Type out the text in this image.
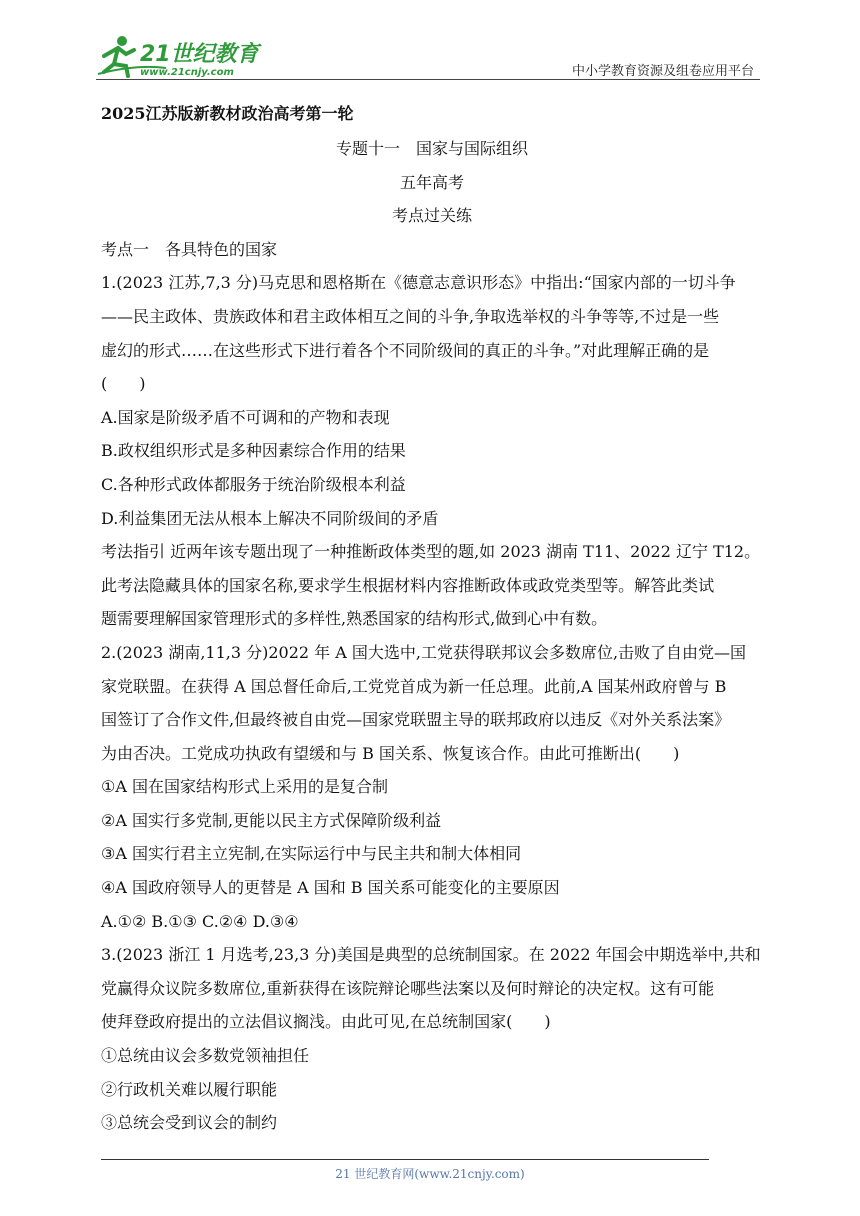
21世纪教育
www.21cnjy.com	中小学教育资源及组卷应用平台
2025江苏版新教材政治高考第一轮
专题十一　国家与国际组织
五年高考
考点过关练
考点一　各具特色的国家
1.(2023 江苏,7,3 分)马克思和恩格斯在《德意志意识形态》中指出:“国家内部的一切斗争
——民主政体、贵族政体和君主政体相互之间的斗争,争取选举权的斗争等等,不过是一些
虚幻的形式……在这些形式下进行着各个不同阶级间的真正的斗争。”对此理解正确的是
(　　)
A.国家是阶级矛盾不可调和的产物和表现
B.政权组织形式是多种因素综合作用的结果
C.各种形式政体都服务于统治阶级根本利益
D.利益集团无法从根本上解决不同阶级间的矛盾
考法指引 近两年该专题出现了一种推断政体类型的题,如 2023 湖南 T11、2022 辽宁 T12。
此考法隐藏具体的国家名称,要求学生根据材料内容推断政体或政党类型等。解答此类试
题需要理解国家管理形式的多样性,熟悉国家的结构形式,做到心中有数。
2.(2023 湖南,11,3 分)2022 年 A 国大选中,工党获得联邦议会多数席位,击败了自由党—国
家党联盟。在获得 A 国总督任命后,工党党首成为新一任总理。此前,A 国某州政府曾与 B
国签订了合作文件,但最终被自由党—国家党联盟主导的联邦政府以违反《对外关系法案》
为由否决。工党成功执政有望缓和与 B 国关系、恢复该合作。由此可推断出(　　)
①A 国在国家结构形式上采用的是复合制
②A 国实行多党制,更能以民主方式保障阶级利益
③A 国实行君主立宪制,在实际运行中与民主共和制大体相同
④A 国政府领导人的更替是 A 国和 B 国关系可能变化的主要原因
A.①② B.①③ C.②④ D.③④
3.(2023 浙江 1 月选考,23,3 分)美国是典型的总统制国家。在 2022 年国会中期选举中,共和
党赢得众议院多数席位,重新获得在该院辩论哪些法案以及何时辩论的决定权。这有可能
使拜登政府提出的立法倡议搁浅。由此可见,在总统制国家(　　)
①总统由议会多数党领袖担任
②行政机关难以履行职能
③总统会受到议会的制约
21 世纪教育网(www.21cnjy.com)
